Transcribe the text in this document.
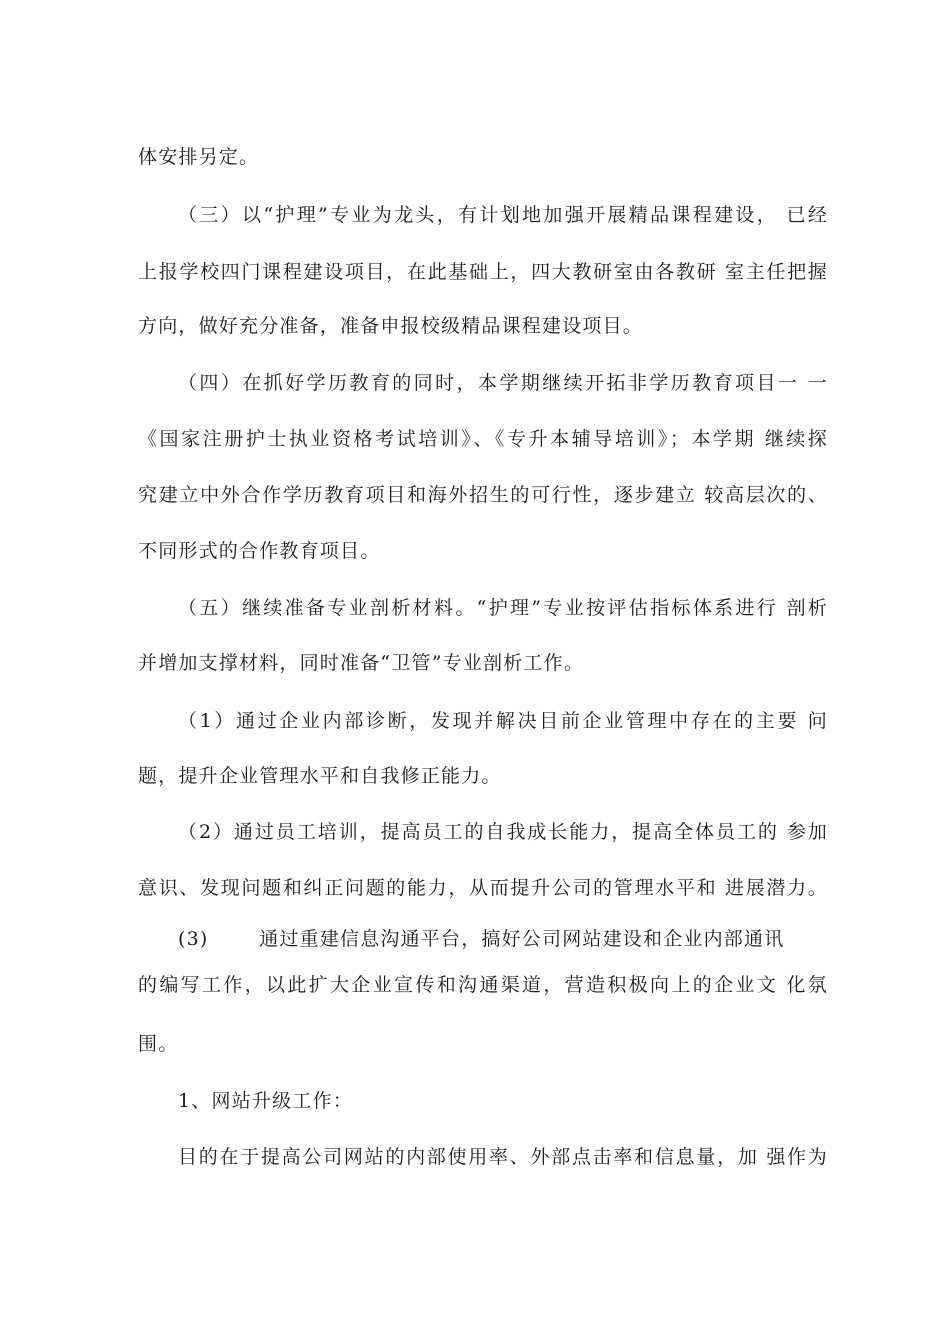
体安排另定。
（三）以“护理”专业为龙头，有计划地加强开展精品课程建设， 已经
上报学校四门课程建设项目，在此基础上，四大教研室由各教研 室主任把握
方向，做好充分准备，准备申报校级精品课程建设项目。
（四）在抓好学历教育的同时，本学期继续开拓非学历教育项目一 一
《国家注册护士执业资格考试培训》、《专升本辅导培训》；本学期 继续探
究建立中外合作学历教育项目和海外招生的可行性，逐步建立 较高层次的、
不同形式的合作教育项目。
（五）继续准备专业剖析材料。“护理”专业按评估指标体系进行 剖析
并增加支撑材料，同时准备“卫管”专业剖析工作。
（1）通过企业内部诊断，发现并解决目前企业管理中存在的主要 问
题，提升企业管理水平和自我修正能力。
（2）通过员工培训，提高员工的自我成长能力，提高全体员工的 参加
意识、发现问题和纠正问题的能力，从而提升公司的管理水平和 进展潜力。
(3)       通过重建信息沟通平台，搞好公司网站建设和企业内部通讯
的编写工作，以此扩大企业宣传和沟通渠道，营造积极向上的企业文 化氛
围。
1、网站升级工作：
目的在于提高公司网站的内部使用率、外部点击率和信息量，加 强作为
